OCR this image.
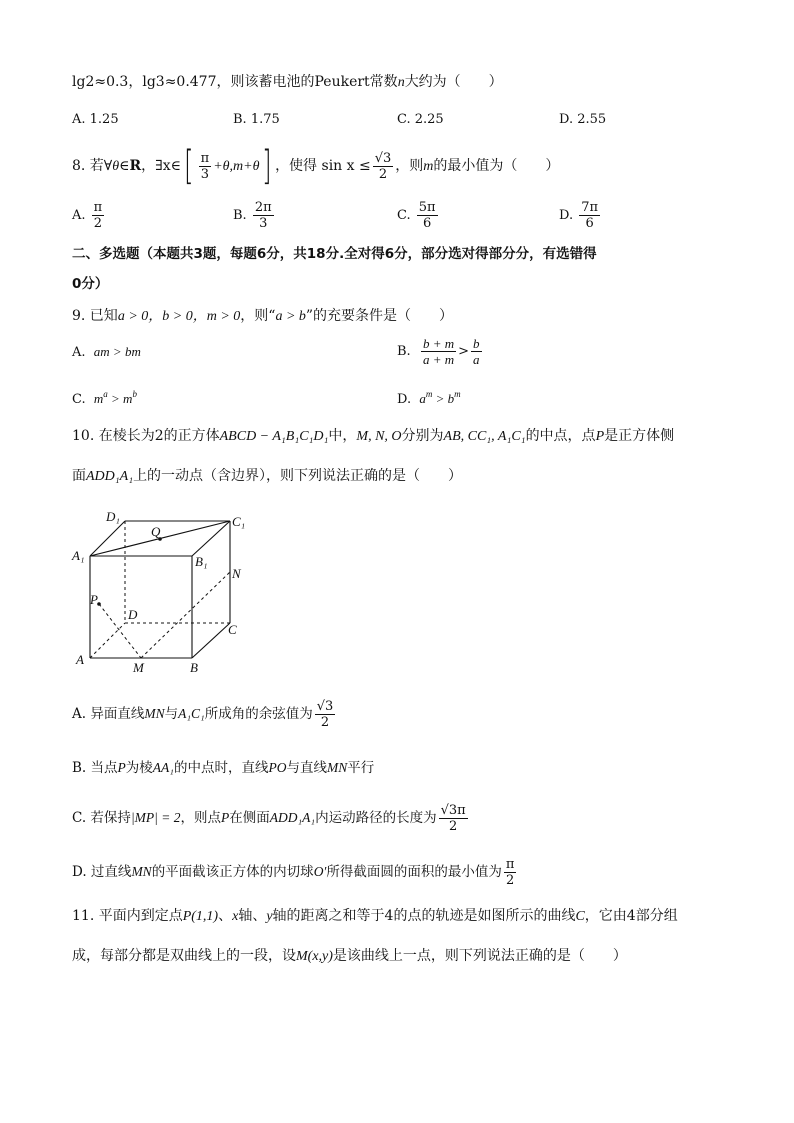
lg2≈0.3，lg3≈0.477，则该蓄电池的Peukert常数n大约为（　　）
A. 1.25	B. 1.75	C. 2.25	D. 2.55
8. 若∀θ∈R，∃x∈[ $\frac{\pi}{3} +\theta,m+\theta$] ，使得 $\sin x \le \frac{√3}{2}$ ，则m的最小值为（　　）
A. $\frac{\pi}{2}$	B. $\frac{2\pi}{3}$	C. $\frac{5\pi}{6}$	D. $\frac{7\pi}{6}$
二、多选题（本题共3题，每题6分，共18分.全对得6分，部分选对得部分分，有选错得
0分）
9. 已知a > 0，b > 0，m > 0，则“a > b”的充要条件是（　　）
A. am > bm	B. $\frac{b + m}{a + m} > \frac{b}{a}$
C. $m^a > m^b$	D. $a^m > b^m$
10. 在棱长为2的正方体ABCD − A₁B₁C₁D₁中，M, N, O分别为AB, CC₁, A₁C₁的中点，点P是正方体侧
面ADD₁A₁上的一动点（含边界），则下列说法正确的是（　　）
D₁	C₁
A₁	B₁
Q
N
P
D
C
A
M	B
A. 异面直线MN与A₁C₁所成角的余弦值为 $\frac{√3}{2}$
B. 当点P为棱AA₁的中点时，直线PO与直线MN平行
C. 若保持|MP| = 2，则点P在侧面ADD₁A₁内运动路径的长度为 $\frac{√3\pi}{2}$
D. 过直线MN的平面截该正方体的内切球O′所得截面圆的面积的最小值为 $\frac{\pi}{2}$
11. 平面内到定点P(1,1)、x轴、y轴的距离之和等于4的点的轨迹是如图所示的曲线C，它由4部分组
成，每部分都是双曲线上的一段，设M(x,y)是该曲线上一点，则下列说法正确的是（　　）
